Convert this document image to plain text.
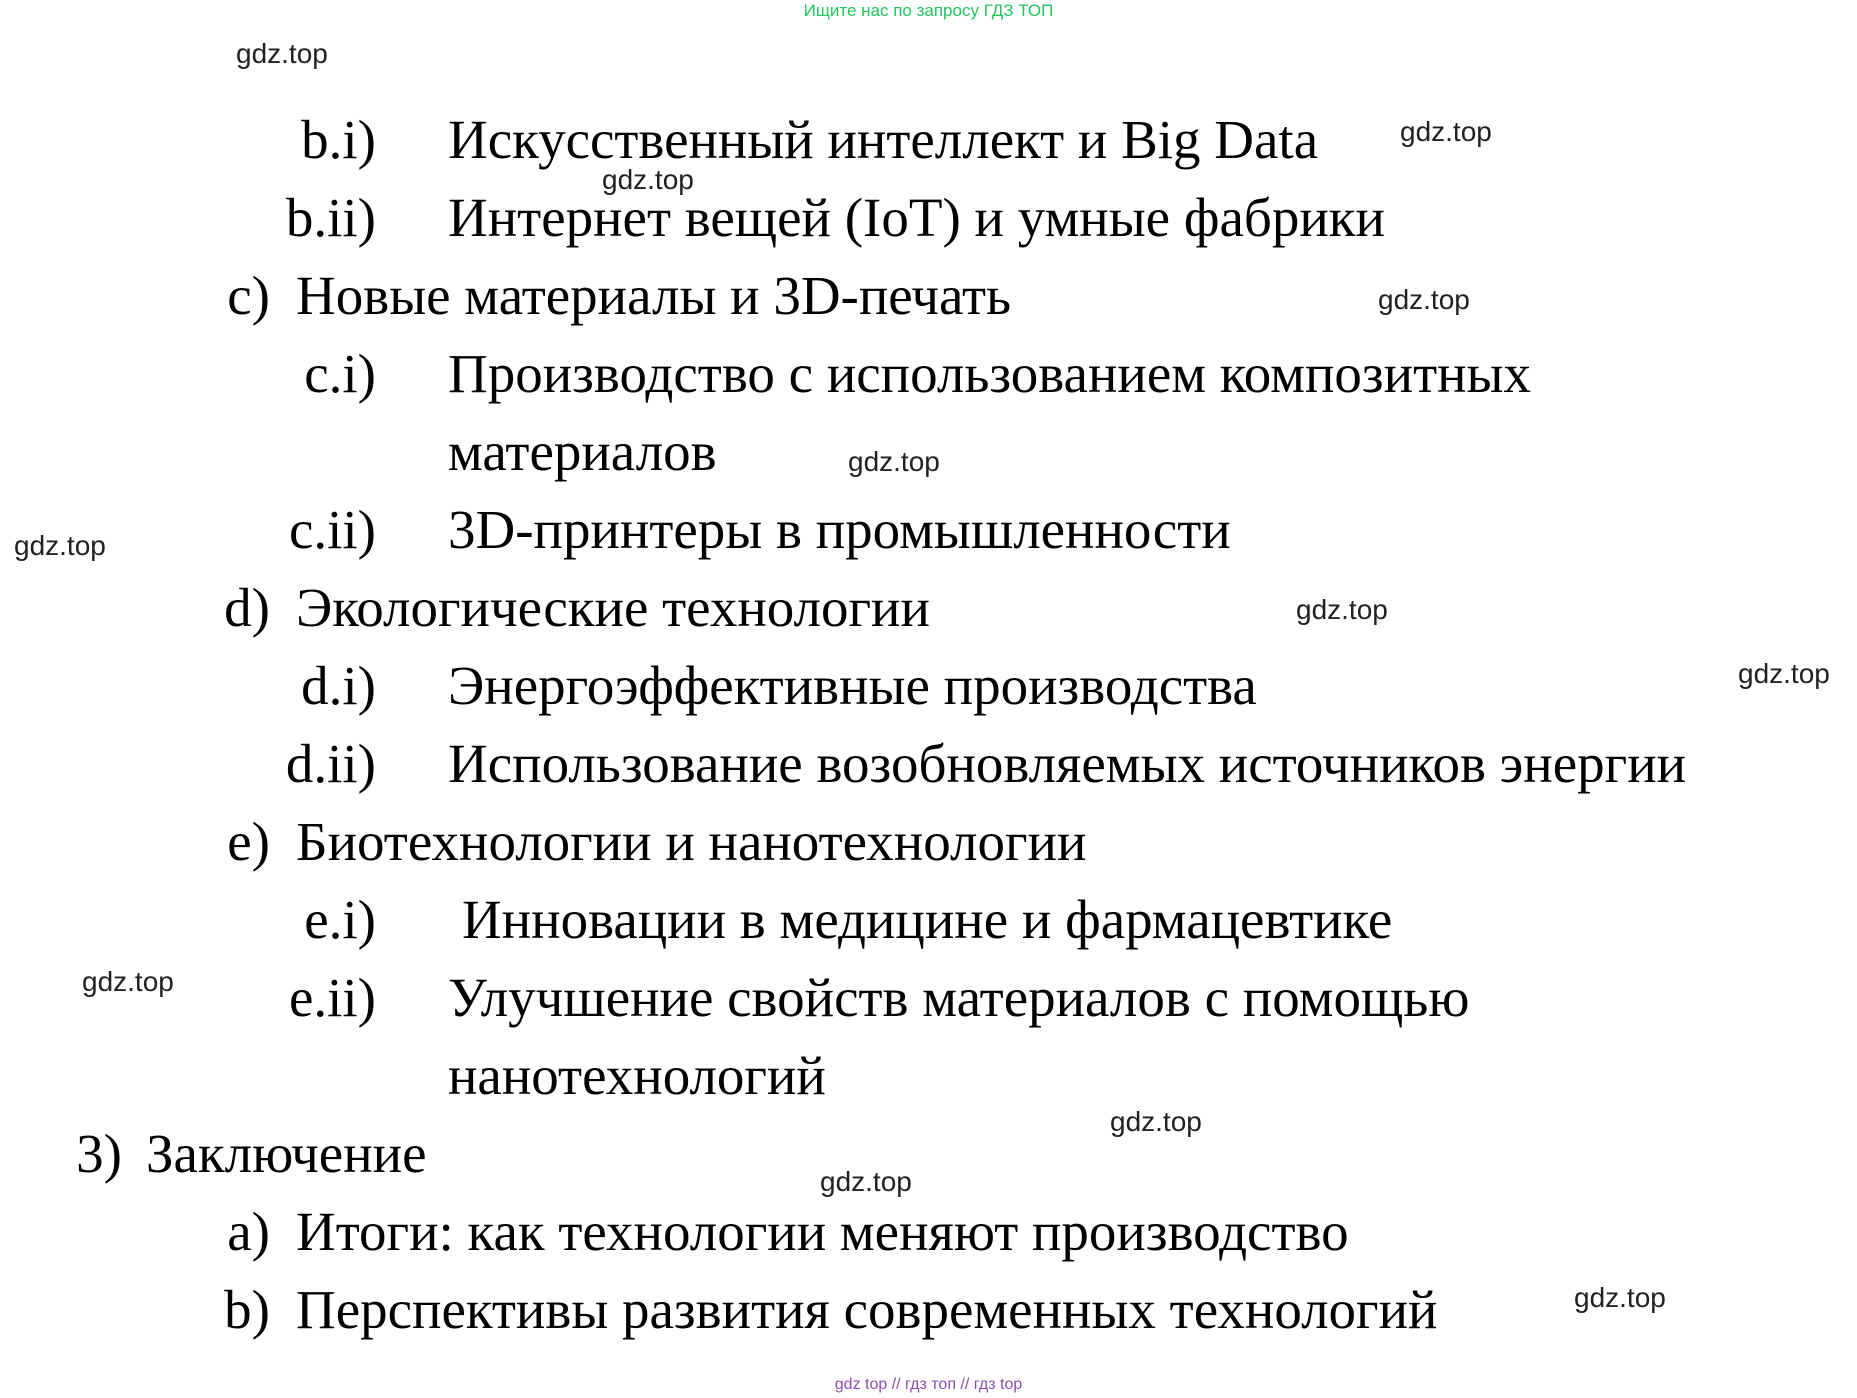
Ищите нас по запросу ГДЗ ТОП
gdz.top
gdz.top
gdz.top
gdz.top
gdz.top
gdz.top
gdz.top
gdz.top
gdz.top
gdz.top
gdz.top
gdz.top
b.i) Искусственный интеллект и Big Data
b.ii) Интернет вещей (IoT) и умные фабрики
c) Новые материалы и 3D-печать
c.i) Производство с использованием композитных
материалов
c.ii) 3D-принтеры в промышленности
d) Экологические технологии
d.i) Энергоэффективные производства
d.ii) Использование возобновляемых источников энергии
e) Биотехнологии и нанотехнологии
e.i) Инновации в медицине и фармацевтике
e.ii) Улучшение свойств материалов с помощью
нанотехнологий
3) Заключение
a) Итоги: как технологии меняют производство
b) Перспективы развития современных технологий
gdz top // гдз топ // гдз top
